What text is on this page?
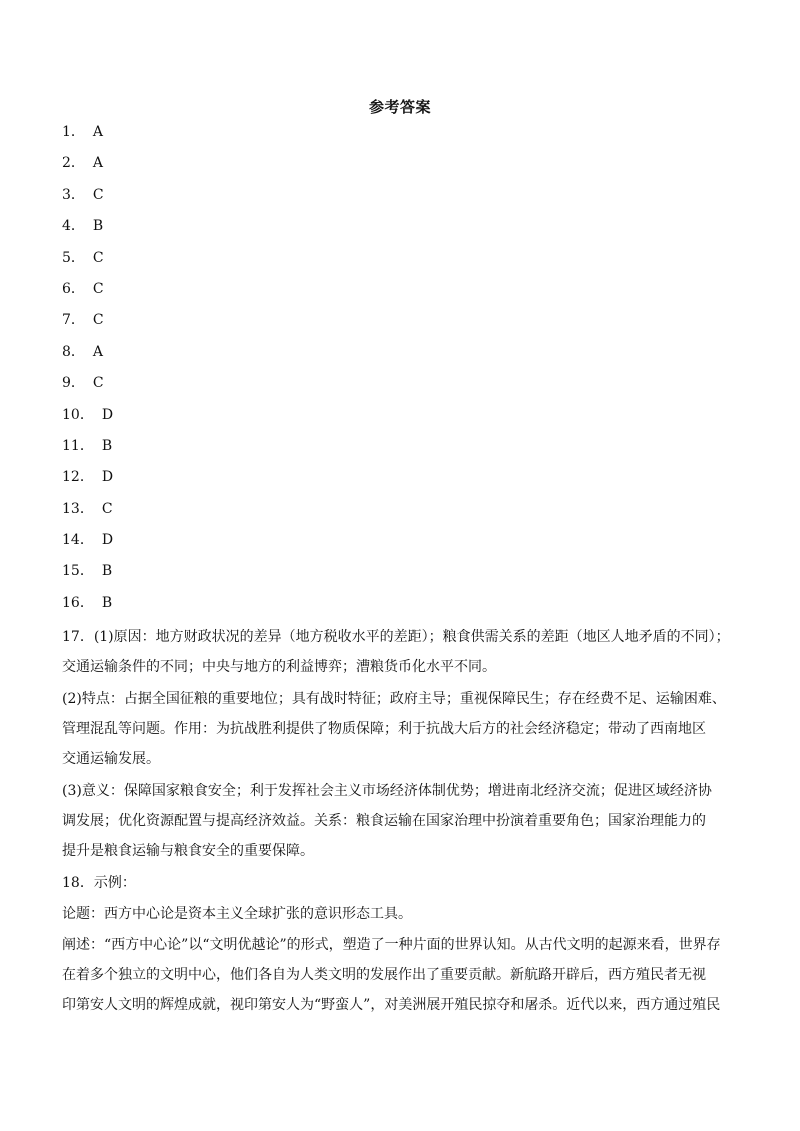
参考答案
1． A
2． A
3． C
4． B
5． C
6． C
7． C
8． A
9． C
10． D
11． B
12． D
13． C
14． D
15． B
16． B
17．(1)原因：地方财政状况的差异（地方税收水平的差距）；粮食供需关系的差距（地区人地矛盾的不同）；
交通运输条件的不同；中央与地方的利益博弈；漕粮货币化水平不同。
(2)特点：占据全国征粮的重要地位；具有战时特征；政府主导；重视保障民生；存在经费不足、运输困难、
管理混乱等问题。作用：为抗战胜利提供了物质保障；利于抗战大后方的社会经济稳定；带动了西南地区
交通运输发展。
(3)意义：保障国家粮食安全；利于发挥社会主义市场经济体制优势；增进南北经济交流；促进区域经济协
调发展；优化资源配置与提高经济效益。关系：粮食运输在国家治理中扮演着重要角色；国家治理能力的
提升是粮食运输与粮食安全的重要保障。
18．示例：
论题：西方中心论是资本主义全球扩张的意识形态工具。
阐述：“西方中心论”以“文明优越论”的形式，塑造了一种片面的世界认知。从古代文明的起源来看，世界存
在着多个独立的文明中心，他们各自为人类文明的发展作出了重要贡献。新航路开辟后，西方殖民者无视
印第安人文明的辉煌成就，视印第安人为“野蛮人”，对美洲展开殖民掠夺和屠杀。近代以来，西方通过殖民
